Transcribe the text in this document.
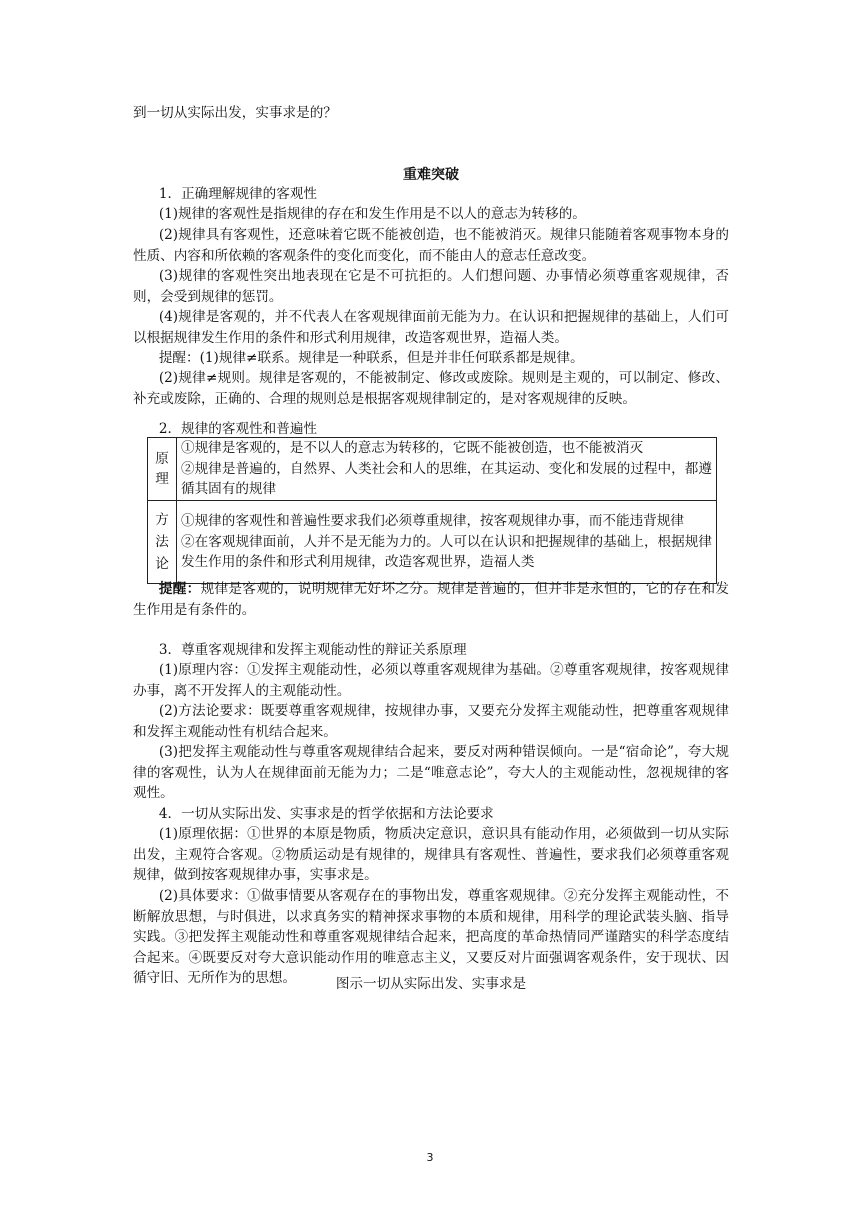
到一切从实际出发，实事求是的？

重难突破

1．正确理解规律的客观性

(1)规律的客观性是指规律的存在和发生作用是不以人的意志为转移的。

(2)规律具有客观性，还意味着它既不能被创造，也不能被消灭。规律只能随着客观事物本身的性质、内容和所依赖的客观条件的变化而变化，而不能由人的意志任意改变。

(3)规律的客观性突出地表现在它是不可抗拒的。人们想问题、办事情必须尊重客观规律，否则，会受到规律的惩罚。

(4)规律是客观的，并不代表人在客观规律面前无能为力。在认识和把握规律的基础上，人们可以根据规律发生作用的条件和形式利用规律，改造客观世界，造福人类。

提醒：(1)规律≠联系。规律是一种联系，但是并非任何联系都是规律。

(2)规律≠规则。规律是客观的，不能被制定、修改或废除。规则是主观的，可以制定、修改、补充或废除，正确的、合理的规则总是根据客观规律制定的，是对客观规律的反映。

2．规律的客观性和普遍性

提醒：规律是客观的，说明规律无好坏之分。规律是普遍的，但并非是永恒的，它的存在和发生作用是有条件的。

3．尊重客观规律和发挥主观能动性的辩证关系原理

(1)原理内容：①发挥主观能动性，必须以尊重客观规律为基础。②尊重客观规律，按客观规律办事，离不开发挥人的主观能动性。

(2)方法论要求：既要尊重客观规律，按规律办事，又要充分发挥主观能动性，把尊重客观规律和发挥主观能动性有机结合起来。

(3)把发挥主观能动性与尊重客观规律结合起来，要反对两种错误倾向。一是“宿命论”，夸大规律的客观性，认为人在规律面前无能为力；二是“唯意志论”，夸大人的主观能动性，忽视规律的客观性。

4．一切从实际出发、实事求是的哲学依据和方法论要求

(1)原理依据：①世界的本原是物质，物质决定意识，意识具有能动作用，必须做到一切从实际出发，主观符合客观。②物质运动是有规律的，规律具有客观性、普遍性，要求我们必须尊重客观规律，做到按客观规律办事，实事求是。

(2)具体要求：①做事情要从客观存在的事物出发，尊重客观规律。②充分发挥主观能动性，不断解放思想，与时俱进，以求真务实的精神探求事物的本质和规律，用科学的理论武装头脑、指导实践。③把发挥主观能动性和尊重客观规律结合起来，把高度的革命热情同严谨踏实的科学态度结合起来。④既要反对夸大意识能动作用的唯意志主义，又要反对片面强调客观条件，安于现状、因循守旧、无所作为的思想。	图示一切从实际出发、实事求是
原理	①规律是客观的，是不以人的意志为转移的，它既不能被创造，也不能被消灭
②规律是普遍的，自然界、人类社会和人的思维，在其运动、变化和发展的过程中，都遵循其固有的规律

方法论	①规律的客观性和普遍性要求我们必须尊重规律，按客观规律办事，而不能违背规律
②在客观规律面前，人并不是无能为力的。人可以在认识和把握规律的基础上，根据规律发生作用的条件和形式利用规律，改造客观世界，造福人类
3
